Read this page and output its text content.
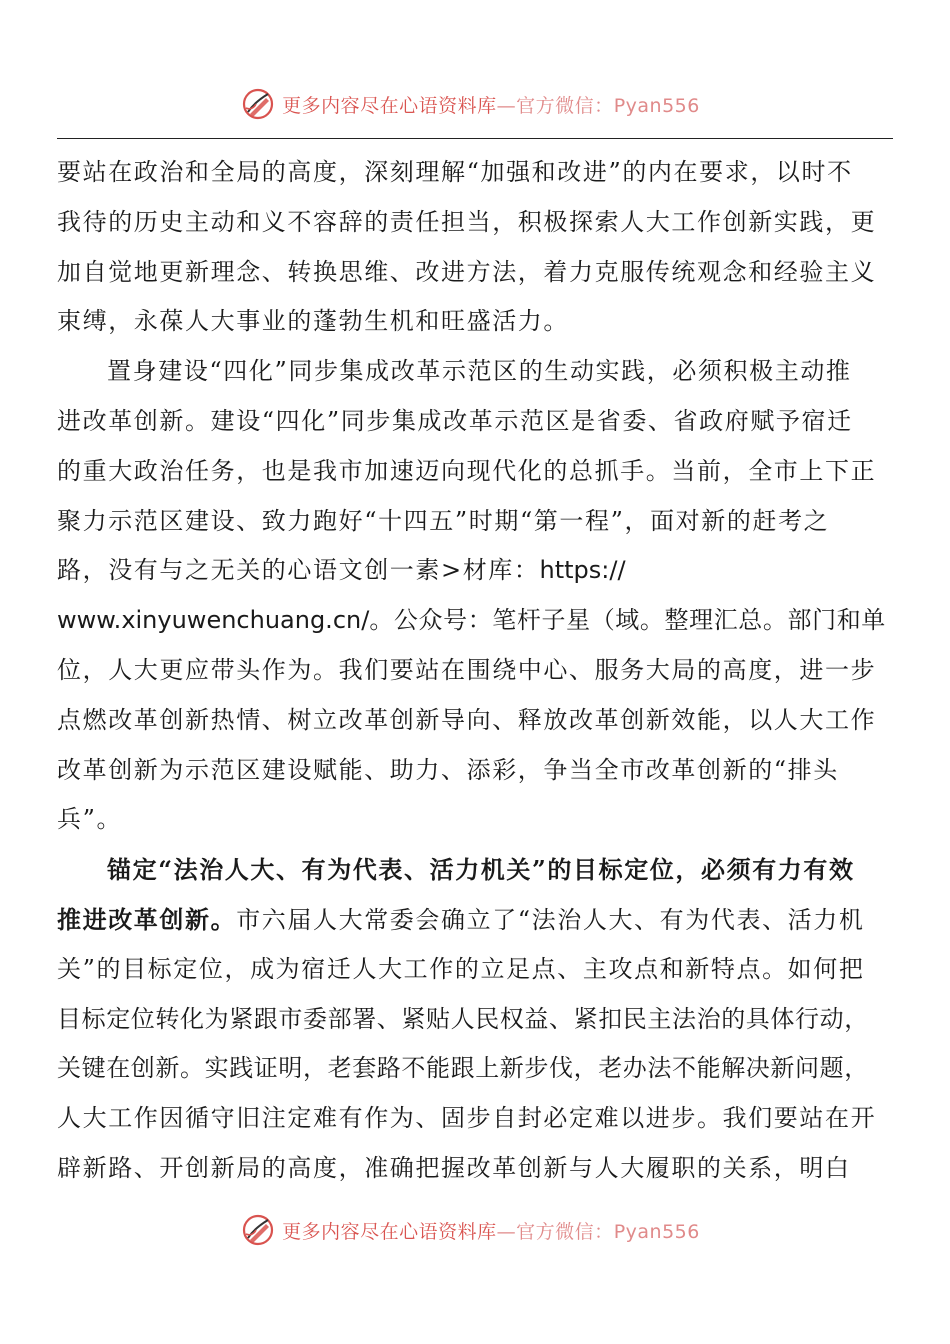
更多内容尽在心语资料库—官方微信：Pyan556
要站在政治和全局的高度，深刻理解“加强和改进”的内在要求，以时不
我待的历史主动和义不容辞的责任担当，积极探索人大工作创新实践，更
加自觉地更新理念、转换思维、改进方法，着力克服传统观念和经验主义
束缚，永葆人大事业的蓬勃生机和旺盛活力。
置身建设“四化”同步集成改革示范区的生动实践，必须积极主动推
进改革创新。建设“四化”同步集成改革示范区是省委、省政府赋予宿迁
的重大政治任务，也是我市加速迈向现代化的总抓手。当前，全市上下正
聚力示范区建设、致力跑好“十四五”时期“第一程”，面对新的赶考之
路，没有与之无关的心语文创一素>材库：https://
www.xinyuwenchuang.cn/。公众号：笔杆子星（域。整理汇总。部门和单
位，人大更应带头作为。我们要站在围绕中心、服务大局的高度，进一步
点燃改革创新热情、树立改革创新导向、释放改革创新效能，以人大工作
改革创新为示范区建设赋能、助力、添彩，争当全市改革创新的“排头
兵”。
锚定“法治人大、有为代表、活力机关”的目标定位，必须有力有效
推进改革创新。市六届人大常委会确立了“法治人大、有为代表、活力机
关”的目标定位，成为宿迁人大工作的立足点、主攻点和新特点。如何把
目标定位转化为紧跟市委部署、紧贴人民权益、紧扣民主法治的具体行动，
关键在创新。实践证明，老套路不能跟上新步伐，老办法不能解决新问题，
人大工作因循守旧注定难有作为、固步自封必定难以进步。我们要站在开
辟新路、开创新局的高度，准确把握改革创新与人大履职的关系，明白
更多内容尽在心语资料库—官方微信：Pyan556
